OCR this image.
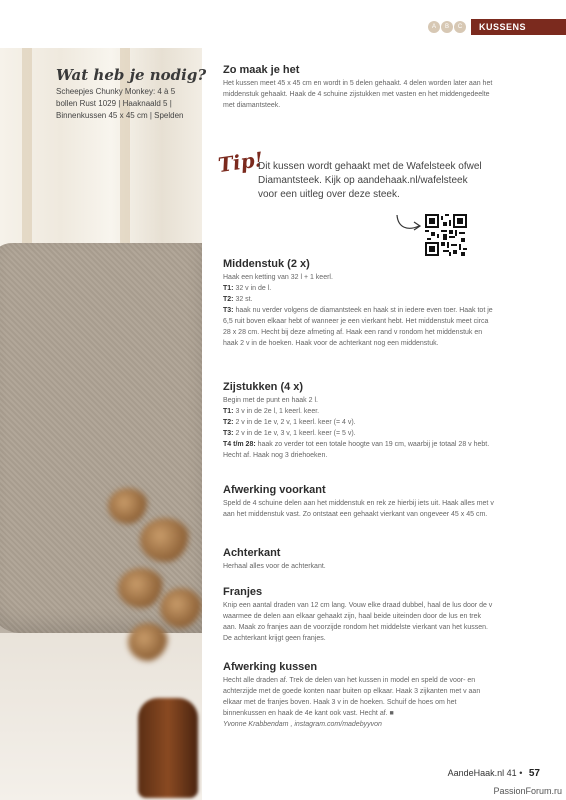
A	B	C	KUSSENS
Wat heb je nodig?
Scheepjes Chunky Monkey: 4 à 5 bollen Rust 1029 | Haaknaald 5 | Binnenkussen 45 x 45 cm | Spelden
Zo maak je het

Het kussen meet 45 x 45 cm en wordt in 5 delen gehaakt. 4 delen worden later aan het middenstuk gehaakt. Haak de 4 schuine zijstukken met vasten en het middengedeelte met diamantsteek.

Tip!
Dit kussen wordt gehaakt met de Wafelsteek ofwel Diamantsteek. Kijk op aandehaak.nl/wafelsteek voor een uitleg over deze steek.
Middenstuk (2 x)

Haak een ketting van 32 l + 1 keerl.

T1: 32 v in de l.

T2: 32 st.

T3: haak nu verder volgens de diamantsteek en haak st in iedere even toer. Haak tot je 6,5 ruit boven elkaar hebt of wanneer je een vierkant hebt. Het middenstuk meet circa 28 x 28 cm. Hecht bij deze afmeting af. Haak een rand v rondom het middenstuk en haak 2 v in de hoeken. Haak voor de achterkant nog een middenstuk.

Zijstukken (4 x)

Begin met de punt en haak 2 l.

T1: 3 v in de 2e l, 1 keerl. keer.

T2: 2 v in de 1e v, 2 v, 1 keerl. keer (= 4 v).

T3: 2 v in de 1e v, 3 v, 1 keerl. keer (= 5 v).

T4 t/m 28: haak zo verder tot een totale hoogte van 19 cm, waarbij je totaal 28 v hebt. Hecht af. Haak nog 3 driehoeken.

Afwerking voorkant

Speld de 4 schuine delen aan het middenstuk en rek ze hierbij iets uit. Haak alles met v aan het middenstuk vast. Zo ontstaat een gehaakt vierkant van ongeveer 45 x 45 cm.

Achterkant

Herhaal alles voor de achterkant.

Franjes

Knip een aantal draden van 12 cm lang. Vouw elke draad dubbel, haal de lus door de v waarmee de delen aan elkaar gehaakt zijn, haal beide uiteinden door de lus en trek aan. Maak zo franjes aan de voorzijde rondom het middelste vierkant van het kussen. De achterkant krijgt geen franjes.

Afwerking kussen

Hecht alle draden af. Trek de delen van het kussen in model en speld de voor- en achterzijde met de goede konten naar buiten op elkaar. Haak 3 zijkanten met v aan elkaar met de franjes boven. Haak 3 v in de hoeken. Schuif de hoes om het binnenkussen en haak de 4e kant ook vast. Hecht af. ■

Yvonne Krabbendam , instagram.com/madebyyvon

AandeHaak.nl 41 • 57
PassionForum.ru
